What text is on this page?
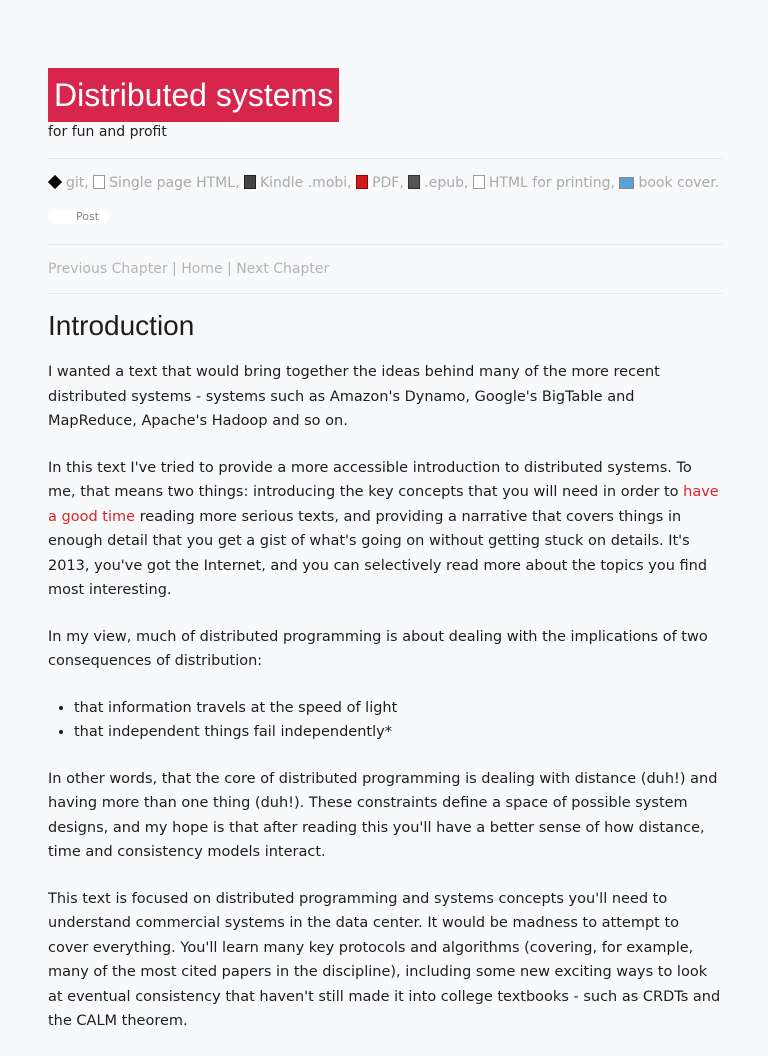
Distributed systems
for fun and profit
git, Single page HTML, Kindle .mobi, PDF, .epub, HTML for printing, book cover.
Post
Previous Chapter | Home | Next Chapter
Introduction

I wanted a text that would bring together the ideas behind many of the more recent distributed systems - systems such as Amazon's Dynamo, Google's BigTable and MapReduce, Apache's Hadoop and so on.

In this text I've tried to provide a more accessible introduction to distributed systems. To me, that means two things: introducing the key concepts that you will need in order to have a good time reading more serious texts, and providing a narrative that covers things in enough detail that you get a gist of what's going on without getting stuck on details. It's 2013, you've got the Internet, and you can selectively read more about the topics you find most interesting.

In my view, much of distributed programming is about dealing with the implications of two consequences of distribution:

• that information travels at the speed of light
• that independent things fail independently*

In other words, that the core of distributed programming is dealing with distance (duh!) and having more than one thing (duh!). These constraints define a space of possible system designs, and my hope is that after reading this you'll have a better sense of how distance, time and consistency models interact.

This text is focused on distributed programming and systems concepts you'll need to understand commercial systems in the data center. It would be madness to attempt to cover everything. You'll learn many key protocols and algorithms (covering, for example, many of the most cited papers in the discipline), including some new exciting ways to look at eventual consistency that haven't still made it into college textbooks - such as CRDTs and the CALM theorem.
